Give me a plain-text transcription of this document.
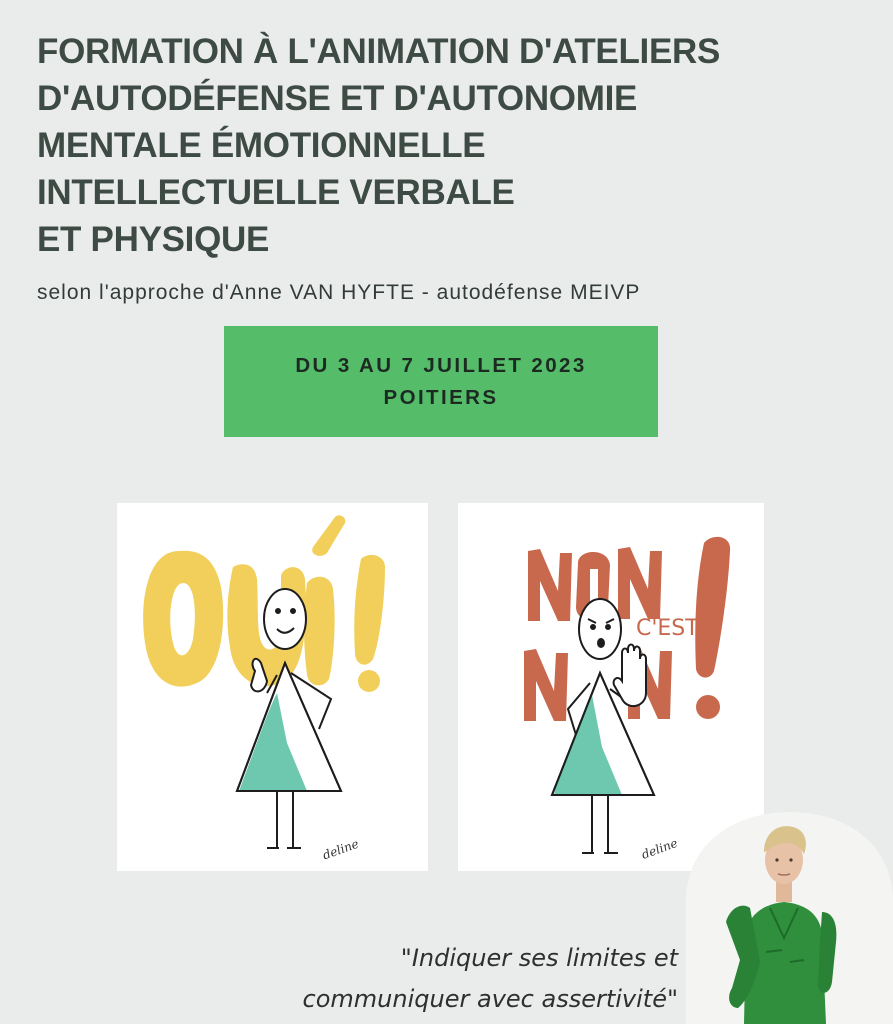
FORMATION À L'ANIMATION D'ATELIERS
D'AUTODÉFENSE ET D'AUTONOMIE
MENTALE ÉMOTIONNELLE
INTELLECTUELLE VERBALE
ET PHYSIQUE

selon l'approche d'Anne VAN HYFTE - autodéfense MEIVP

DU 3 AU 7 JUILLET 2023
POITIERS
deline
C'EST
deline

"Indiquer ses limites et
communiquer avec assertivité"
